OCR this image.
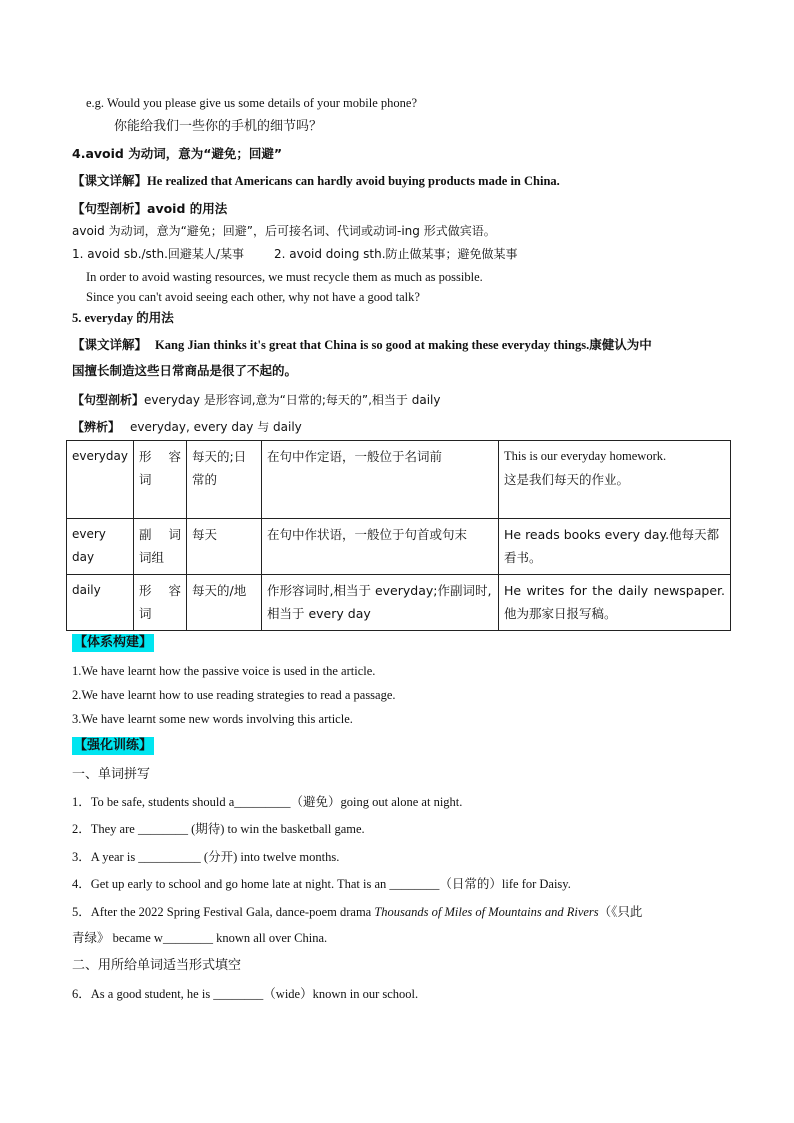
e.g. Would you please give us some details of your mobile phone?
你能给我们一些你的手机的细节吗？
4.avoid 为动词，意为“避免；回避”
【课文详解】He realized that Americans can hardly avoid buying products made in China.
【句型剖析】avoid 的用法
avoid 为动词，意为“避免；回避”，后可接名词、代词或动词-ing 形式做宾语。
1. avoid sb./sth.回避某人/某事	2. avoid doing sth.防止做某事；避免做某事
In order to avoid wasting resources, we must recycle them as much as possible.
Since you can't avoid seeing each other, why not have a good talk?
5. everyday 的用法
【课文详解】 Kang Jian thinks it's great that China is so good at making these everyday things.康健认为中
国擅长制造这些日常商品是很了不起的。
【句型剖析】everyday 是形容词,意为“日常的;每天的”,相当于 daily
【辨析】 everyday, every day 与 daily
everyday	形 容 词	每天的;日常的	在句中作定语，一般位于名词前	This is our everyday homework.
这是我们每天的作业。

every day	副 词 词组	每天	在句中作状语，一般位于句首或句末	He reads books every day.他每天都看书。
daily	形 容 词	每天的/地	作形容词时,相当于 everyday;作副词时,相当于 every day	He writes for the daily newspaper.他为那家日报写稿。
【体系构建】
1.We have learnt how the passive voice is used in the article.
2.We have learnt how to use reading strategies to read a passage.
3.We have learnt some new words involving this article.
【强化训练】
一、单词拼写
1．To be safe, students should a_________（避免）going out alone at night.
2．They are ________ (期待) to win the basketball game.
3．A year is __________ (分开) into twelve months.
4．Get up early to school and go home late at night. That is an ________（日常的）life for Daisy.
5．After the 2022 Spring Festival Gala, dance-poem drama Thousands of Miles of Mountains and Rivers（《只此
青绿》 became w________ known all over China.
二、用所给单词适当形式填空
6．As a good student, he is ________（wide）known in our school.
